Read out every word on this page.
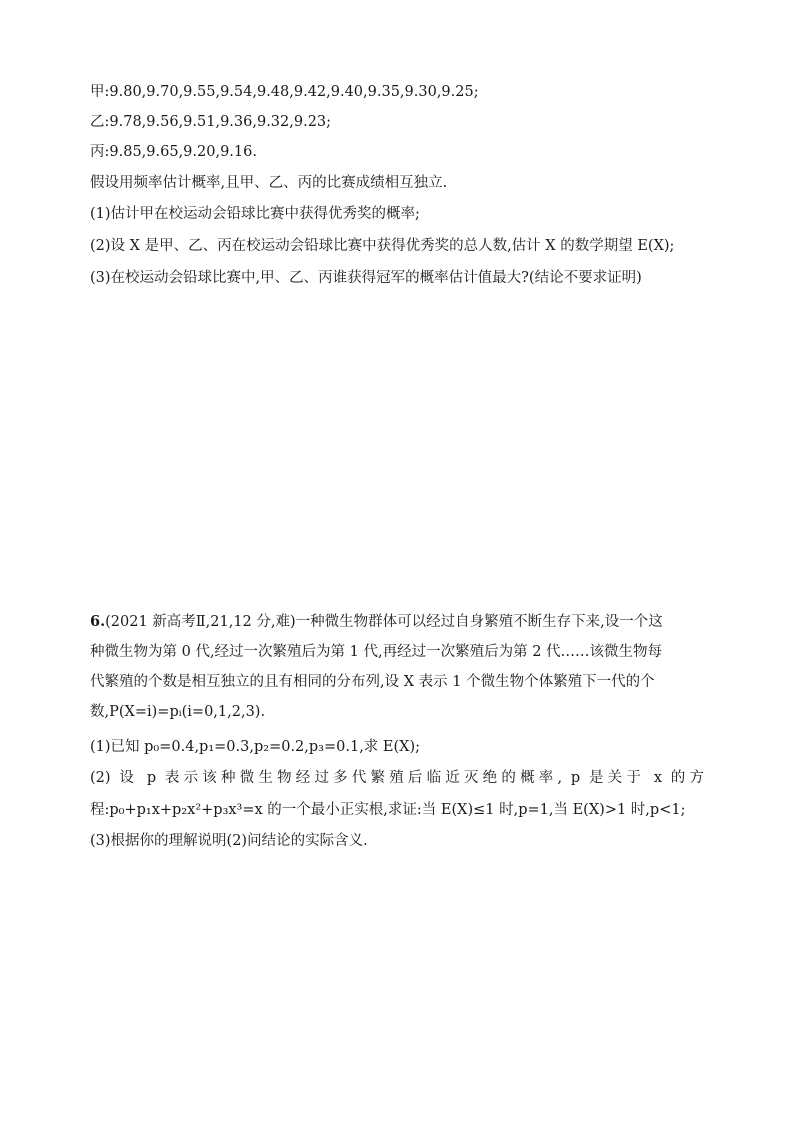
甲:9.80,9.70,9.55,9.54,9.48,9.42,9.40,9.35,9.30,9.25;
乙:9.78,9.56,9.51,9.36,9.32,9.23;
丙:9.85,9.65,9.20,9.16.
假设用频率估计概率,且甲、乙、丙的比赛成绩相互独立.
(1)估计甲在校运动会铅球比赛中获得优秀奖的概率;
(2)设 X 是甲、乙、丙在校运动会铅球比赛中获得优秀奖的总人数,估计 X 的数学期望 E(X);
(3)在校运动会铅球比赛中,甲、乙、丙谁获得冠军的概率估计值最大?(结论不要求证明)
6.(2021 新高考Ⅱ,21,12 分,难)一种微生物群体可以经过自身繁殖不断生存下来,设一个这
种微生物为第 0 代,经过一次繁殖后为第 1 代,再经过一次繁殖后为第 2 代……该微生物每
代繁殖的个数是相互独立的且有相同的分布列,设 X 表示 1 个微生物个体繁殖下一代的个
数,P(X=i)=pᵢ(i=0,1,2,3).
(1)已知 p₀=0.4,p₁=0.3,p₂=0.2,p₃=0.1,求 E(X);
(2) 设 p 表示该种微生物经过多代繁殖后临近灭绝的概率, p 是关于 x 的方
程:p₀+p₁x+p₂x²+p₃x³=x 的一个最小正实根,求证:当 E(X)≤1 时,p=1,当 E(X)>1 时,p<1;
(3)根据你的理解说明(2)问结论的实际含义.
